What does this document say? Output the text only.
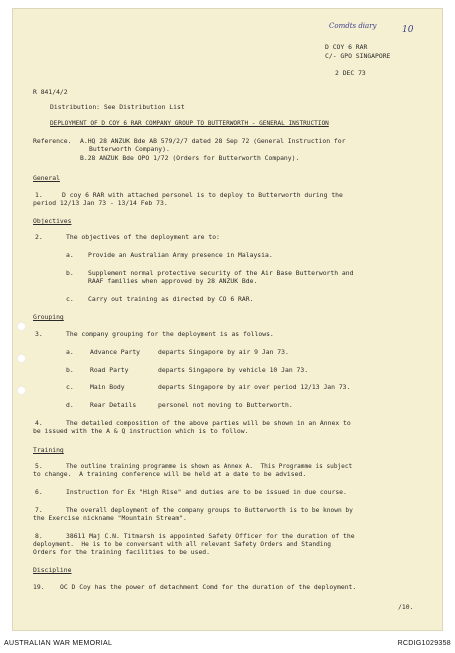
Comdts diary	10
D COY 6 RAR
C/- GPO SINGAPORE
2 DEC 73
R 841/4/2
Distribution: See Distribution List
DEPLOYMENT OF D COY 6 RAR COMPANY GROUP TO BUTTERWORTH - GENERAL INSTRUCTION
Reference. A.HQ 28 ANZUK Bde AB 579/2/7 dated 28 Sep 72 (General Instruction for
Butterworth Company).
B.28 ANZUK Bde OPO 1/72 (Orders for Butterworth Company).
General
1.	D coy 6 RAR with attached personel is to deploy to Butterworth during the
period 12/13 Jan 73 - 13/14 Feb 73.
Objectives
2.	The objectives of the deployment are to:
a. Provide an Australian Army presence in Malaysia.
b. Supplement normal protective security of the Air Base Butterworth and
RAAF families when approved by 28 ANZUK Bde.
c. Carry out training as directed by CO 6 RAR.
Grouping
3.	The company grouping for the deployment is as follows.
a.	Advance Party	departs Singapore by air 9 Jan 73.
b.	Road Party	departs Singapore by vehicle 10 Jan 73.
c.	Main Body	departs Singapore by air over period 12/13 Jan 73.
d.	Rear Details	personel not moving to Butterworth.
4.	The detailed composition of the above parties will be shown in an Annex to
be issued with the A & Q instruction which is to follow.
Training
5.	The outline training programme is shown as Annex A.  This Programme is subject
to change.  A training conference will be held at a date to be advised.
6.	Instruction for Ex "High Rise" and duties are to be issued in due course.
7.	The overall deployment of the company groups to Butterworth is to be known by
the Exercise nickname "Mountain Stream".
8.	38611 Maj C.N. Titmarsh is appointed Safety Officer for the duration of the
deployment.  He is to be conversant with all relevant Safety Orders and Standing
Orders for the training facilities to be used.
Discipline
19. OC D Coy has the power of detachment Comd for the duration of the deployment.
/10.
AUSTRALIAN WAR MEMORIAL	RCDIG1029358
